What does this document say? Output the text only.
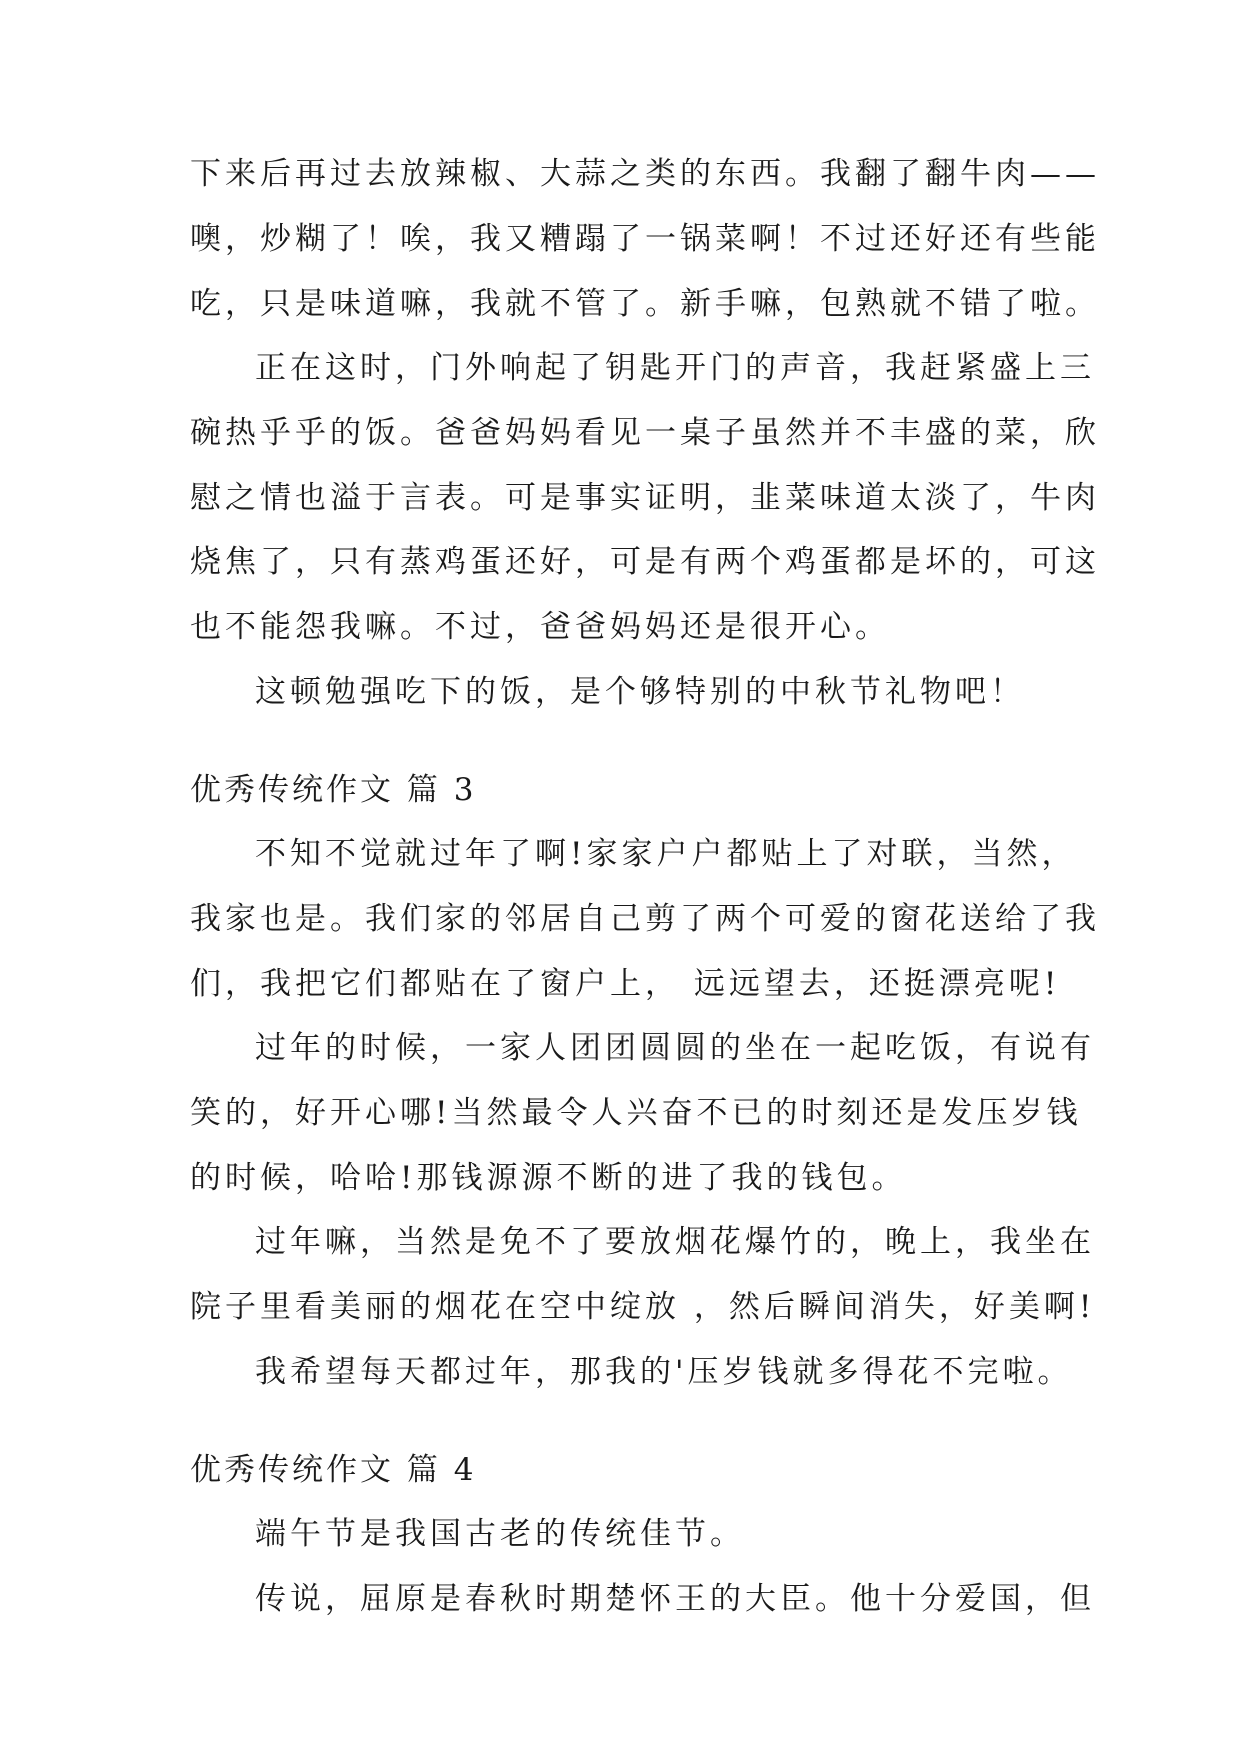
下来后再过去放辣椒、大蒜之类的东西。我翻了翻牛肉——
噢，炒糊了！唉，我又糟蹋了一锅菜啊！不过还好还有些能
吃，只是味道嘛，我就不管了。新手嘛，包熟就不错了啦。
正在这时，门外响起了钥匙开门的声音，我赶紧盛上三
碗热乎乎的饭。爸爸妈妈看见一桌子虽然并不丰盛的菜，欣
慰之情也溢于言表。可是事实证明，韭菜味道太淡了，牛肉
烧焦了，只有蒸鸡蛋还好，可是有两个鸡蛋都是坏的，可这
也不能怨我嘛。不过，爸爸妈妈还是很开心。
这顿勉强吃下的饭，是个够特别的中秋节礼物吧！
优秀传统作文 篇 3
不知不觉就过年了啊!家家户户都贴上了对联，当然，
我家也是。我们家的邻居自己剪了两个可爱的窗花送给了我
们，我把它们都贴在了窗户上， 远远望去，还挺漂亮呢!
过年的时候，一家人团团圆圆的坐在一起吃饭，有说有
笑的，好开心哪!当然最令人兴奋不已的时刻还是发压岁钱
的时候，哈哈!那钱源源不断的进了我的钱包。
过年嘛，当然是免不了要放烟花爆竹的，晚上，我坐在
院子里看美丽的烟花在空中绽放 ，然后瞬间消失，好美啊!
我希望每天都过年，那我的'压岁钱就多得花不完啦。
优秀传统作文 篇 4
端午节是我国古老的传统佳节。
传说，屈原是春秋时期楚怀王的大臣。他十分爱国，但
